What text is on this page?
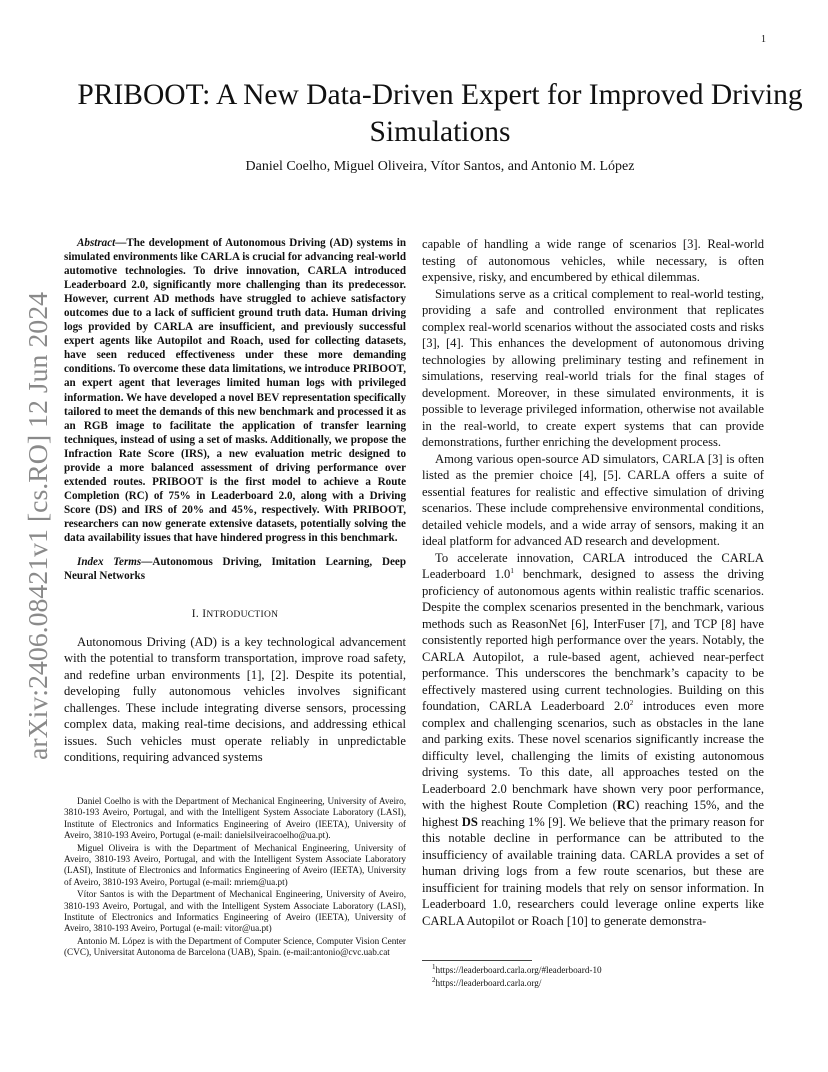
1
arXiv:2406.08421v1 [cs.RO] 12 Jun 2024
PRIBOOT: A New Data-Driven Expert for Improved Driving Simulations
Daniel Coelho, Miguel Oliveira, Vítor Santos, and Antonio M. López

Abstract—The development of Autonomous Driving (AD) systems in simulated environments like CARLA is crucial for advancing real-world automotive technologies. To drive innovation, CARLA introduced Leaderboard 2.0, significantly more challenging than its predecessor. However, current AD methods have struggled to achieve satisfactory outcomes due to a lack of sufficient ground truth data. Human driving logs provided by CARLA are insufficient, and previously successful expert agents like Autopilot and Roach, used for collecting datasets, have seen reduced effectiveness under these more demanding conditions. To overcome these data limitations, we introduce PRIBOOT, an expert agent that leverages limited human logs with privileged information. We have developed a novel BEV representation specifically tailored to meet the demands of this new benchmark and processed it as an RGB image to facilitate the application of transfer learning techniques, instead of using a set of masks. Additionally, we propose the Infraction Rate Score (IRS), a new evaluation metric designed to provide a more balanced assessment of driving performance over extended routes. PRIBOOT is the first model to achieve a Route Completion (RC) of 75% in Leaderboard 2.0, along with a Driving Score (DS) and IRS of 20% and 45%, respectively. With PRIBOOT, researchers can now generate extensive datasets, potentially solving the data availability issues that have hindered progress in this benchmark.

Index Terms—Autonomous Driving, Imitation Learning, Deep Neural Networks

I. INTRODUCTION

Autonomous Driving (AD) is a key technological advancement with the potential to transform transportation, improve road safety, and redefine urban environments [1], [2]. Despite its potential, developing fully autonomous vehicles involves significant challenges. These include integrating diverse sensors, processing complex data, making real-time decisions, and addressing ethical issues. Such vehicles must operate reliably in unpredictable conditions, requiring advanced systems

Daniel Coelho is with the Department of Mechanical Engineering, University of Aveiro, 3810-193 Aveiro, Portugal, and with the Intelligent System Associate Laboratory (LASI), Institute of Electronics and Informatics Engineering of Aveiro (IEETA), University of Aveiro, 3810-193 Aveiro, Portugal (e-mail: danielsilveiracoelho@ua.pt).

Miguel Oliveira is with the Department of Mechanical Engineering, University of Aveiro, 3810-193 Aveiro, Portugal, and with the Intelligent System Associate Laboratory (LASI), Institute of Electronics and Informatics Engineering of Aveiro (IEETA), University of Aveiro, 3810-193 Aveiro, Portugal (e-mail: mriem@ua.pt)

Vítor Santos is with the Department of Mechanical Engineering, University of Aveiro, 3810-193 Aveiro, Portugal, and with the Intelligent System Associate Laboratory (LASI), Institute of Electronics and Informatics Engineering of Aveiro (IEETA), University of Aveiro, 3810-193 Aveiro, Portugal (e-mail: vitor@ua.pt)

Antonio M. López is with the Department of Computer Science, Computer Vision Center (CVC), Universitat Autonoma de Barcelona (UAB), Spain. (e-mail:antonio@cvc.uab.cat

capable of handling a wide range of scenarios [3]. Real-world testing of autonomous vehicles, while necessary, is often expensive, risky, and encumbered by ethical dilemmas.

Simulations serve as a critical complement to real-world testing, providing a safe and controlled environment that replicates complex real-world scenarios without the associated costs and risks [3], [4]. This enhances the development of autonomous driving technologies by allowing preliminary testing and refinement in simulations, reserving real-world trials for the final stages of development. Moreover, in these simulated environments, it is possible to leverage privileged information, otherwise not available in the real-world, to create expert systems that can provide demonstrations, further enriching the development process.

Among various open-source AD simulators, CARLA [3] is often listed as the premier choice [4], [5]. CARLA offers a suite of essential features for realistic and effective simulation of driving scenarios. These include comprehensive environmental conditions, detailed vehicle models, and a wide array of sensors, making it an ideal platform for advanced AD research and development.

To accelerate innovation, CARLA introduced the CARLA Leaderboard $1.0^1$ benchmark, designed to assess the driving proficiency of autonomous agents within realistic traffic scenarios. Despite the complex scenarios presented in the benchmark, various methods such as ReasonNet [6], InterFuser [7], and TCP [8] have consistently reported high performance over the years. Notably, the CARLA Autopilot, a rule-based agent, achieved near-perfect performance. This underscores the benchmark’s capacity to be effectively mastered using current technologies. Building on this foundation, CARLA Leaderboard $2.0^2$ introduces even more complex and challenging scenarios, such as obstacles in the lane and parking exits. These novel scenarios significantly increase the difficulty level, challenging the limits of existing autonomous driving systems. To this date, all approaches tested on the Leaderboard 2.0 benchmark have shown very poor performance, with the highest Route Completion (RC) reaching 15%, and the highest DS reaching 1% [9]. We believe that the primary reason for this notable decline in performance can be attributed to the insufficiency of available training data. CARLA provides a set of human driving logs from a few route scenarios, but these are insufficient for training models that rely on sensor information. In Leaderboard 1.0, researchers could leverage online experts like CARLA Autopilot or Roach [10] to generate demonstra-

$^1$https://leaderboard.carla.org/#leaderboard-10
$^2$https://leaderboard.carla.org/
